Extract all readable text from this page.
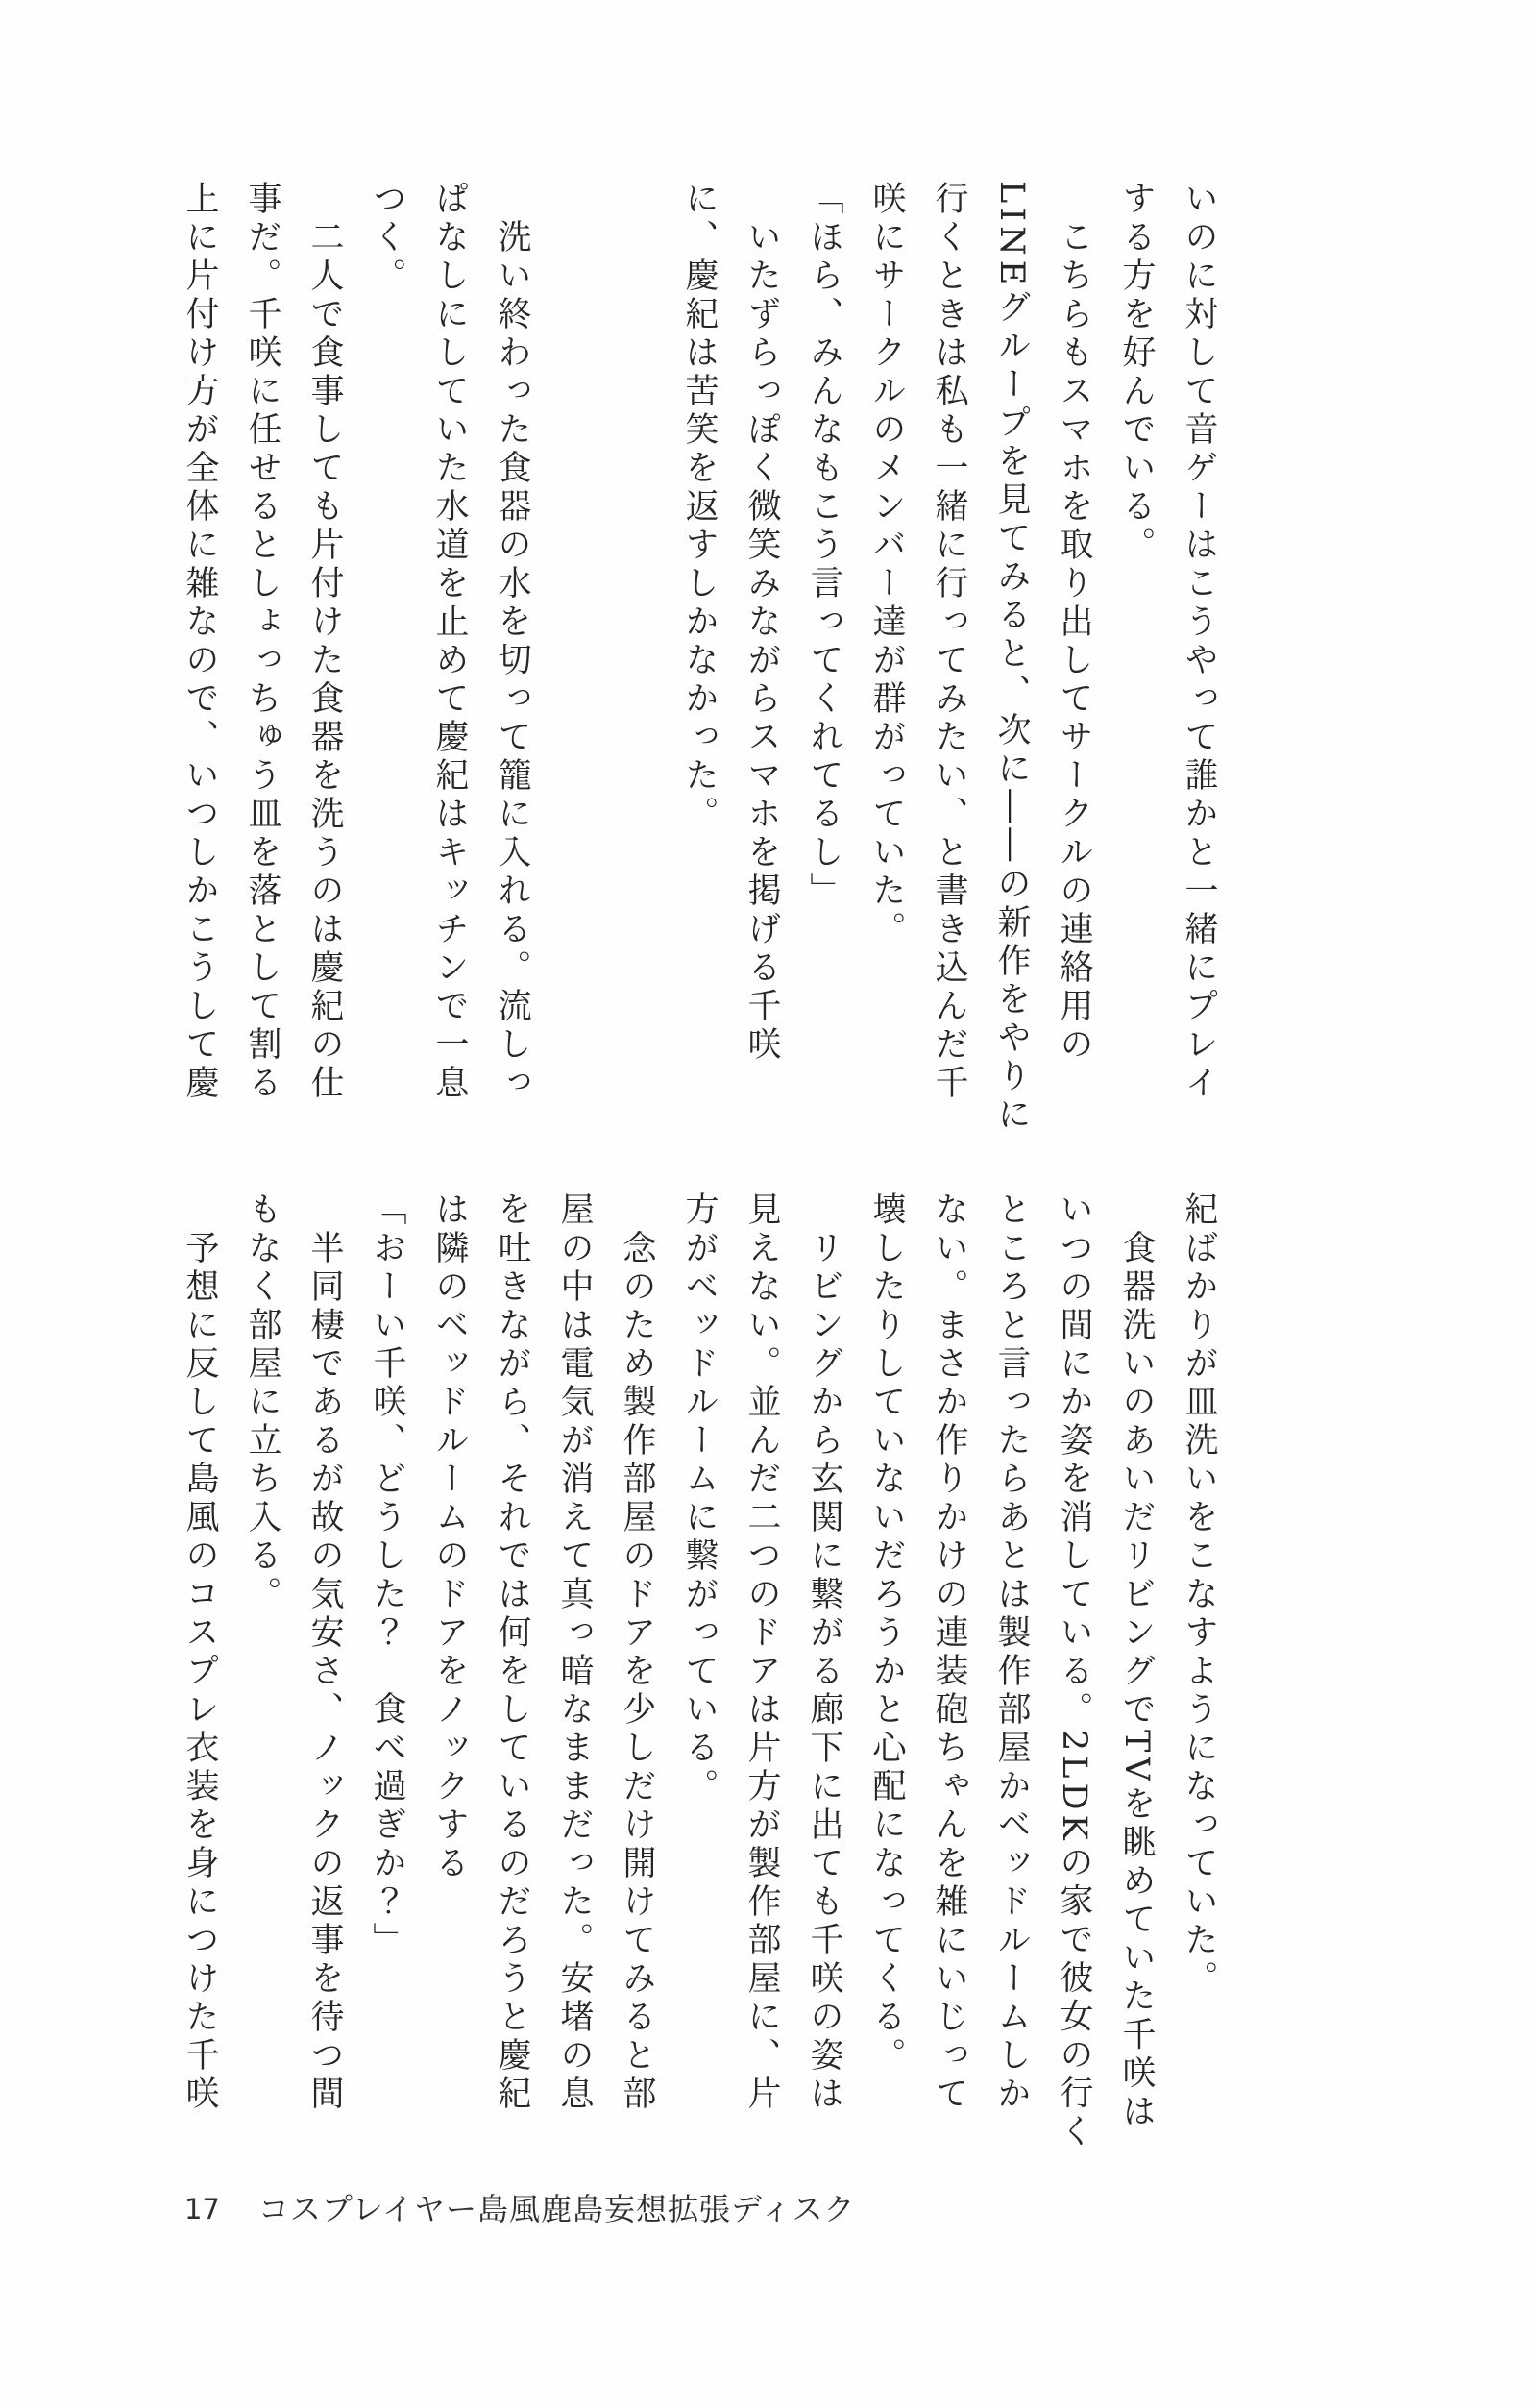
いのに対して音ゲーはこうやって誰かと一緒にプレイ

する方を好んでいる。

　こちらもスマホを取り出してサークルの連絡用の

LINEグループを見てみると、次に――の新作をやりに

行くときは私も一緒に行ってみたい、と書き込んだ千

咲にサークルのメンバー達が群がっていた。

「ほら、みんなもこう言ってくれてるし」

　いたずらっぽく微笑みながらスマホを掲げる千咲

に、慶紀は苦笑を返すしかなかった。

　洗い終わった食器の水を切って籠に入れる。流しっ

ぱなしにしていた水道を止めて慶紀はキッチンで一息

つく。

　二人で食事しても片付けた食器を洗うのは慶紀の仕

事だ。千咲に任せるとしょっちゅう皿を落として割る

上に片付け方が全体に雑なので、いつしかこうして慶

紀ばかりが皿洗いをこなすようになっていた。

　食器洗いのあいだリビングでTVを眺めていた千咲は

いつの間にか姿を消している。2LDKの家で彼女の行く

ところと言ったらあとは製作部屋かベッドルームしか

ない。まさか作りかけの連装砲ちゃんを雑にいじって

壊したりしていないだろうかと心配になってくる。

　リビングから玄関に繋がる廊下に出ても千咲の姿は

見えない。並んだ二つのドアは片方が製作部屋に、片

方がベッドルームに繋がっている。

　念のため製作部屋のドアを少しだけ開けてみると部

屋の中は電気が消えて真っ暗なままだった。安堵の息

を吐きながら、それでは何をしているのだろうと慶紀

は隣のベッドルームのドアをノックする

「おーい千咲、どうした？　食べ過ぎか？」

　半同棲であるが故の気安さ、ノックの返事を待つ間

もなく部屋に立ち入る。

　予想に反して島風のコスプレ衣装を身につけた千咲

17 コスプレイヤー島風鹿島妄想拡張ディスク
